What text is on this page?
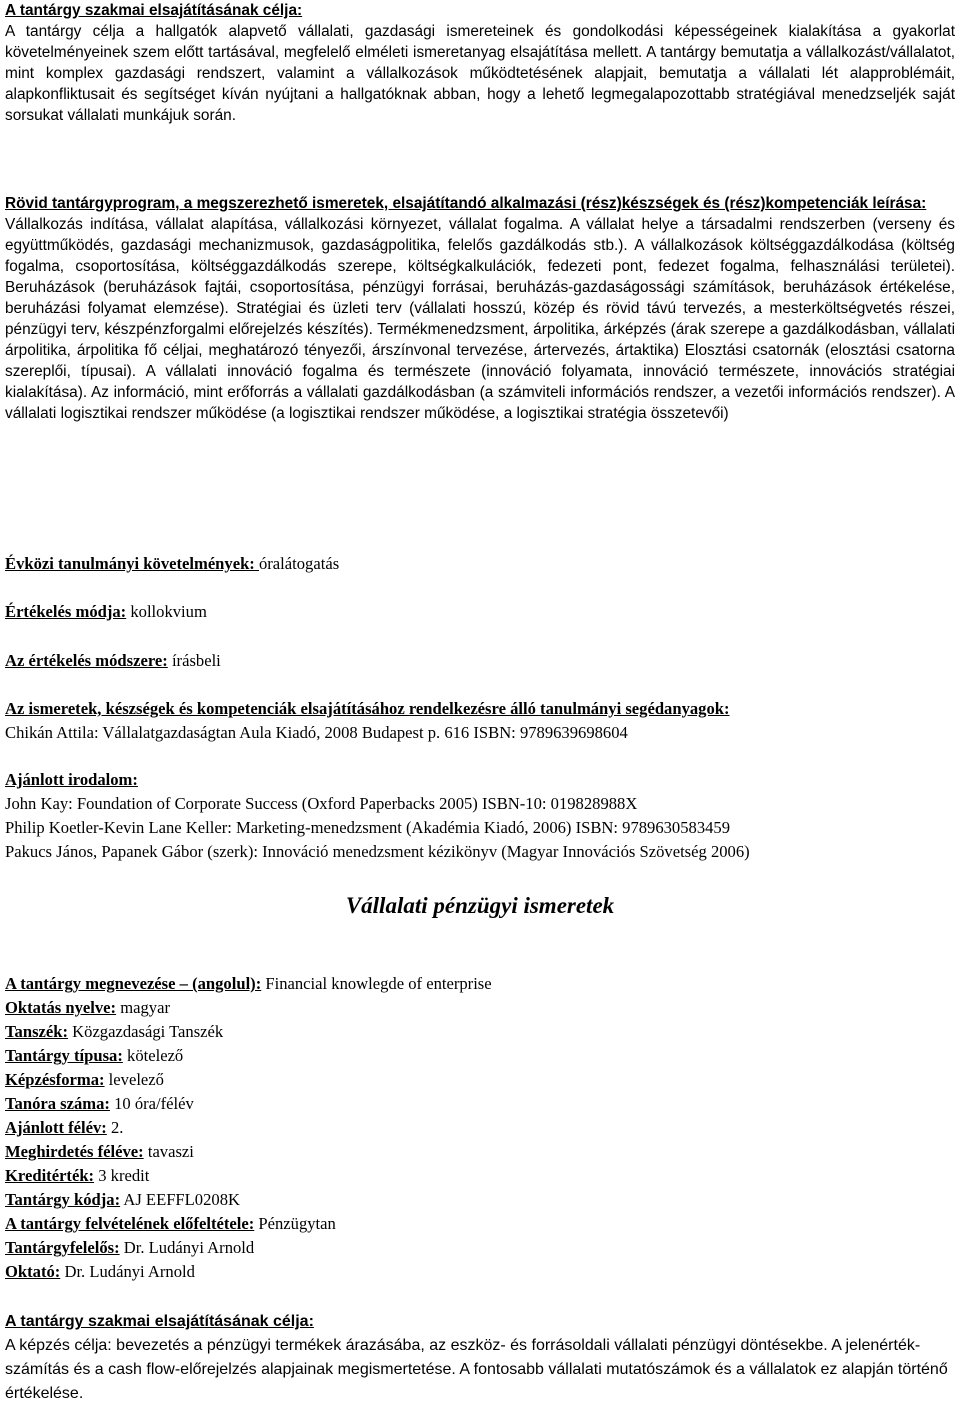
A tantárgy szakmai elsajátításának célja:

A tantárgy célja a hallgatók alapvető vállalati, gazdasági ismereteinek és gondolkodási képességeinek kialakítása a gyakorlat követelményeinek szem előtt tartásával, megfelelő elméleti ismeretanyag elsajátítása mellett. A tantárgy bemutatja a vállalkozást/vállalatot, mint komplex gazdasági rendszert, valamint a vállalkozások működtetésének alapjait, bemutatja a vállalati lét alapproblémáit, alapkonfliktusait és segítséget kíván nyújtani a hallgatóknak abban, hogy a lehető legmegalapozottabb stratégiával menedzseljék saját sorsukat vállalati munkájuk során.

Rövid tantárgyprogram, a megszerezhető ismeretek, elsajátítandó alkalmazási (rész)készségek és (rész)kompetenciák leírása:

Vállalkozás indítása, vállalat alapítása, vállalkozási környezet, vállalat fogalma. A vállalat helye a társadalmi rendszerben (verseny és együttműködés, gazdasági mechanizmusok, gazdaságpolitika, felelős gazdálkodás stb.). A vállalkozások költséggazdálkodása (költség fogalma, csoportosítása, költséggazdálkodás szerepe, költségkalkulációk, fedezeti pont, fedezet fogalma, felhasználási területei). Beruházások (beruházások fajtái, csoportosítása, pénzügyi forrásai, beruházás-gazdaságossági számítások, beruházások értékelése, beruházási folyamat elemzése). Stratégiai és üzleti terv (vállalati hosszú, közép és rövid távú tervezés, a mesterköltségvetés részei, pénzügyi terv, készpénzforgalmi előrejelzés készítés). Termékmenedzsment, árpolitika, árképzés (árak szerepe a gazdálkodásban, vállalati árpolitika, árpolitika fő céljai, meghatározó tényezői, árszínvonal tervezése, ártervezés, ártaktika) Elosztási csatornák (elosztási csatorna szereplői, típusai). A vállalati innováció fogalma és természete (innováció folyamata, innováció természete, innovációs stratégiai kialakítása). Az információ, mint erőforrás a vállalati gazdálkodásban (a számviteli információs rendszer, a vezetői információs rendszer). A vállalati logisztikai rendszer működése (a logisztikai rendszer működése, a logisztikai stratégia összetevői)

Évközi tanulmányi követelmények: óralátogatás

Értékelés módja: kollokvium

Az értékelés módszere: írásbeli

Az ismeretek, készségek és kompetenciák elsajátításához rendelkezésre álló tanulmányi segédanyagok:

Chikán Attila: Vállalatgazdaságtan Aula Kiadó, 2008 Budapest p. 616 ISBN: 9789639698604

Ajánlott irodalom:

John Kay: Foundation of Corporate Success (Oxford Paperbacks 2005) ISBN-10: 019828988X

Philip Koetler-Kevin Lane Keller: Marketing-menedzsment (Akadémia Kiadó, 2006) ISBN: 9789630583459

Pakucs János, Papanek Gábor (szerk): Innováció menedzsment kézikönyv (Magyar Innovációs Szövetség 2006)

Vállalati pénzügyi ismeretek

A tantárgy megnevezése – (angolul): Financial knowlegde of enterprise

Oktatás nyelve: magyar

Tanszék: Közgazdasági Tanszék

Tantárgy típusa: kötelező

Képzésforma: levelező

Tanóra száma: 10 óra/félév

Ajánlott félév: 2.

Meghirdetés féléve: tavaszi

Kreditérték: 3 kredit

Tantárgy kódja: AJ EEFFL0208K

A tantárgy felvételének előfeltétele: Pénzügytan

Tantárgyfelelős: Dr. Ludányi Arnold

Oktató: Dr. Ludányi Arnold

A tantárgy szakmai elsajátításának célja:

A képzés célja: bevezetés a pénzügyi termékek árazásába, az eszköz- és forrásoldali vállalati pénzügyi döntésekbe. A jelenérték-számítás és a cash flow-előrejelzés alapjainak megismertetése. A fontosabb vállalati mutatószámok és a vállalatok ez alapján történő értékelése.
